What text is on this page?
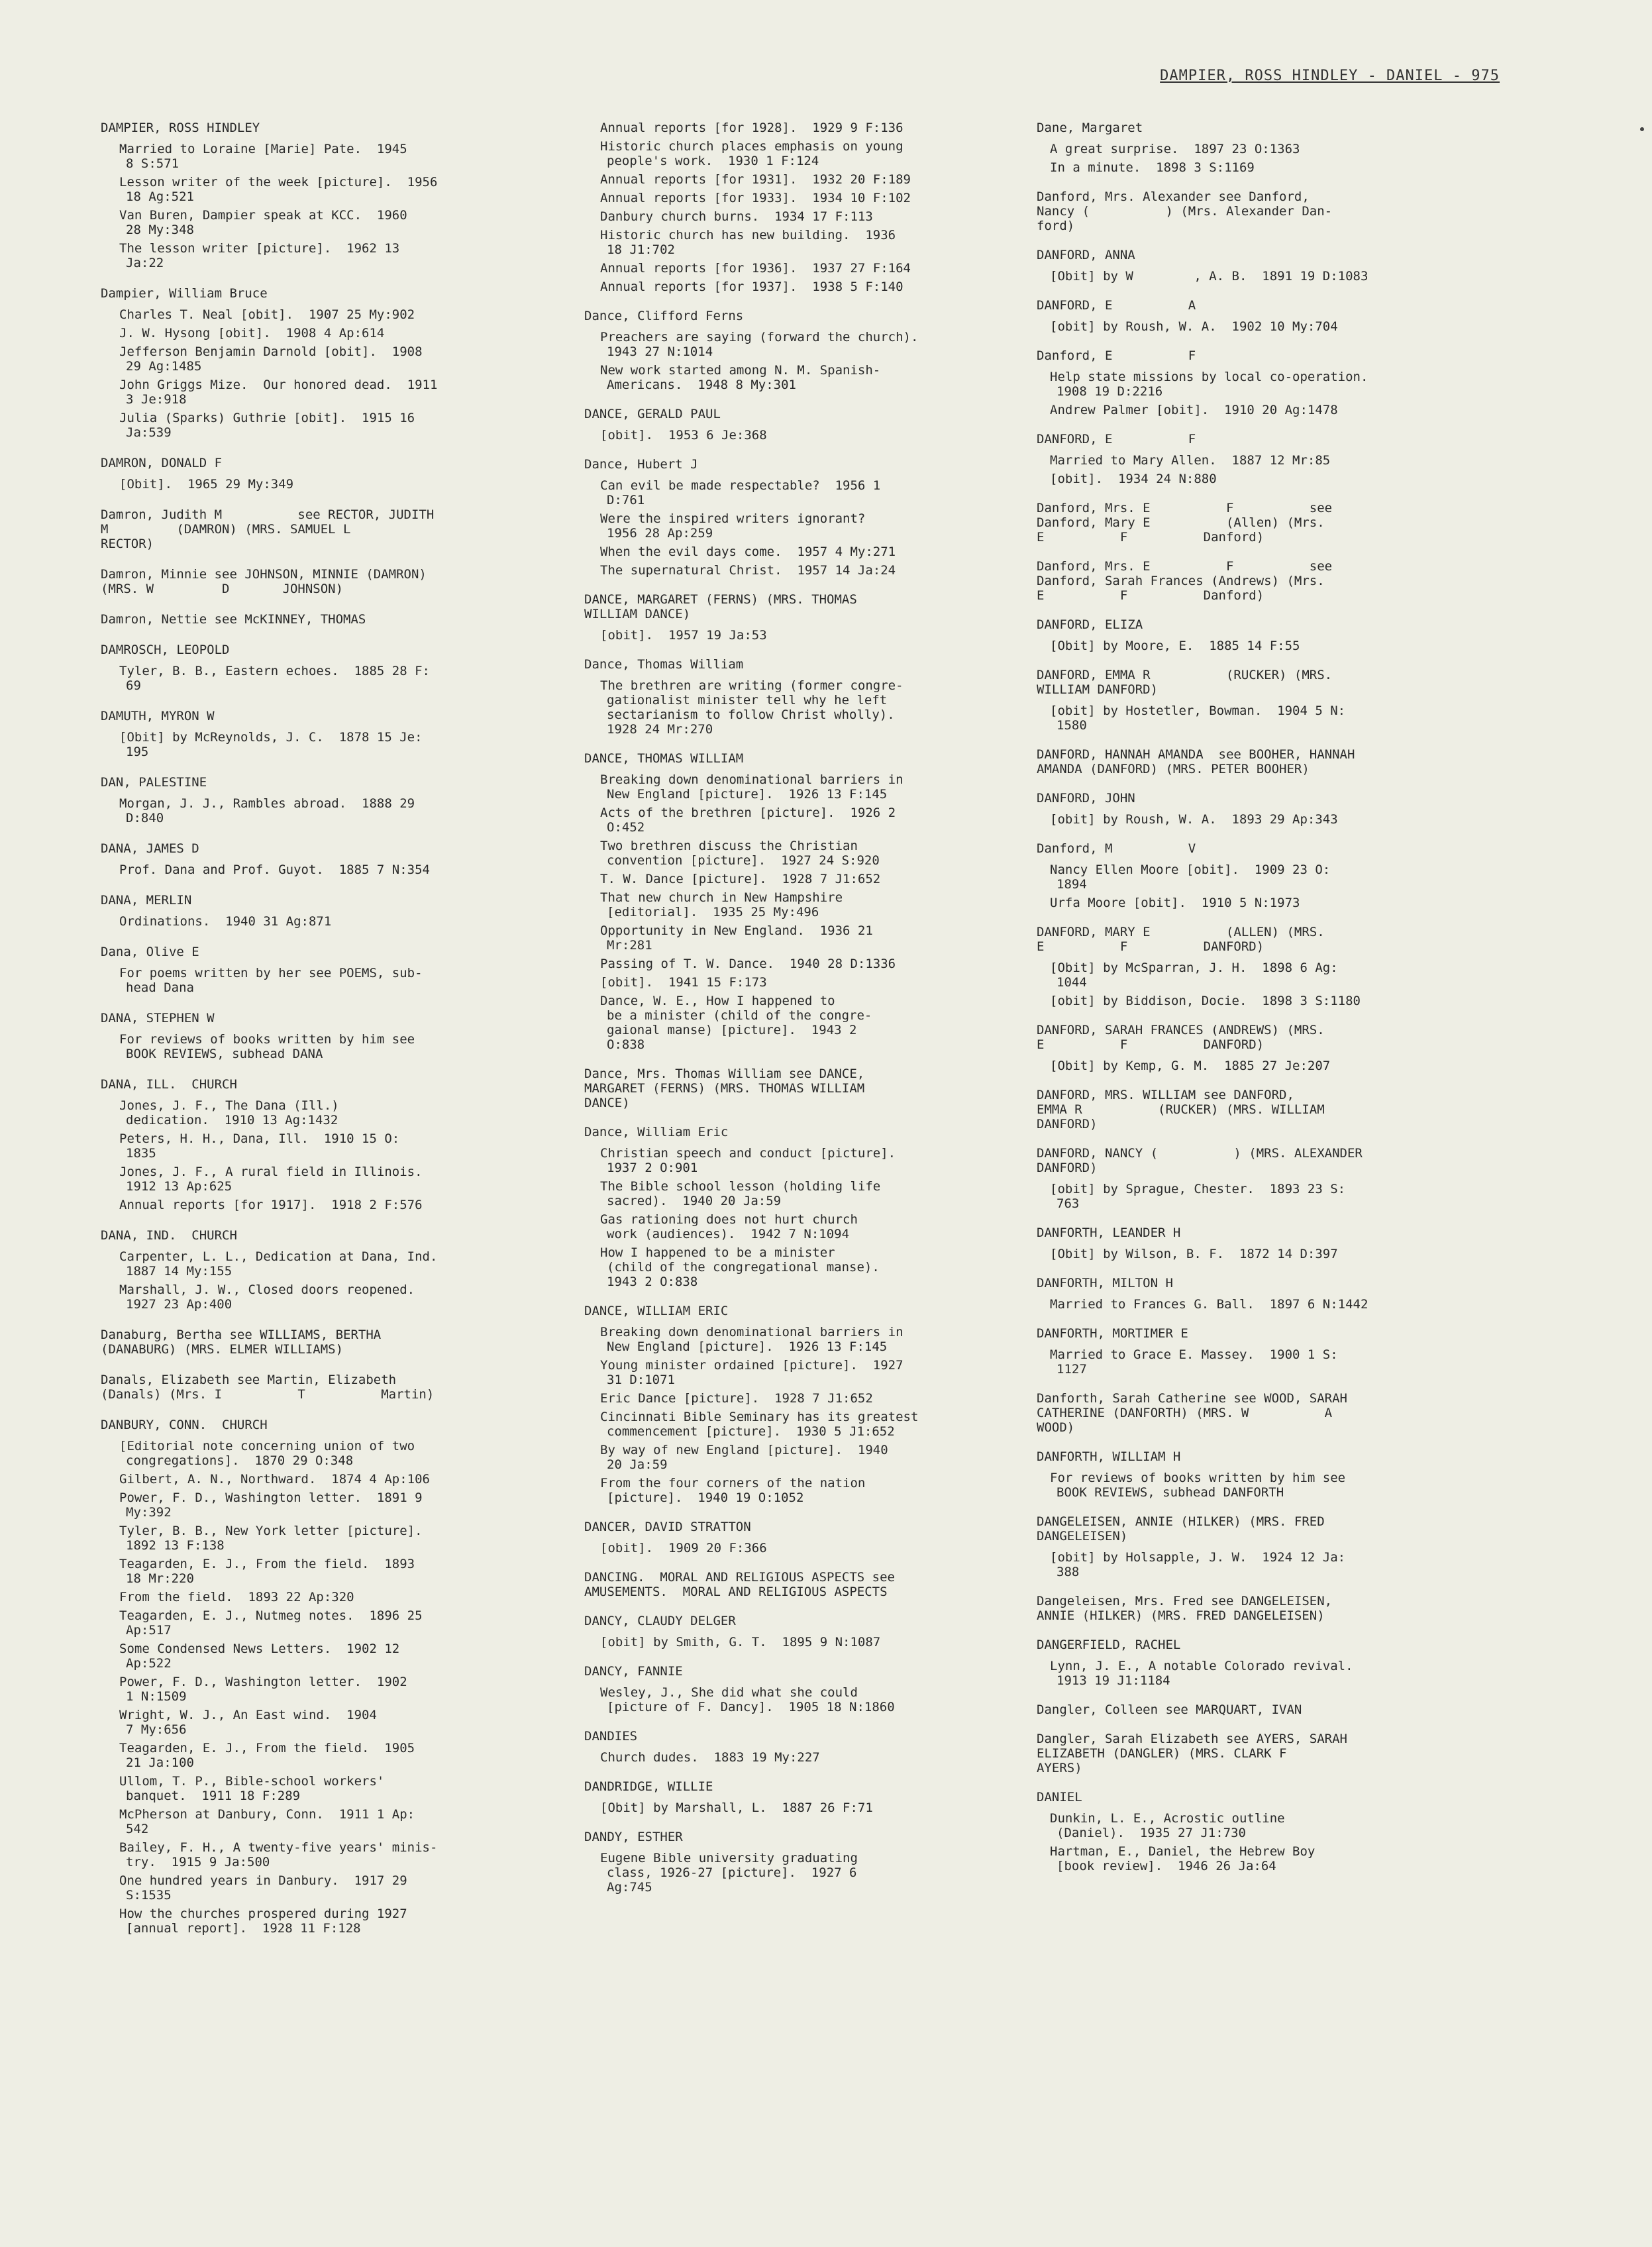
DAMPIER, ROSS HINDLEY - DANIEL - 975
DAMPIER, ROSS HINDLEY
Married to Loraine [Marie] Pate.  1945
8 S:571
Lesson writer of the week [picture].  1956
18 Ag:521
Van Buren, Dampier speak at KCC.  1960
28 My:348
The lesson writer [picture].  1962 13
Ja:22
Dampier, William Bruce
Charles T. Neal [obit].  1907 25 My:902
J. W. Hysong [obit].  1908 4 Ap:614
Jefferson Benjamin Darnold [obit].  1908
29 Ag:1485
John Griggs Mize.  Our honored dead.  1911
3 Je:918
Julia (Sparks) Guthrie [obit].  1915 16
Ja:539
DAMRON, DONALD F
[Obit].  1965 29 My:349
Damron, Judith M          see RECTOR, JUDITH
M         (DAMRON) (MRS. SAMUEL L
RECTOR)
Damron, Minnie see JOHNSON, MINNIE (DAMRON)
(MRS. W         D       JOHNSON)
Damron, Nettie see McKINNEY, THOMAS
DAMROSCH, LEOPOLD
Tyler, B. B., Eastern echoes.  1885 28 F:
69
DAMUTH, MYRON W
[Obit] by McReynolds, J. C.  1878 15 Je:
195
DAN, PALESTINE
Morgan, J. J., Rambles abroad.  1888 29
D:840
DANA, JAMES D
Prof. Dana and Prof. Guyot.  1885 7 N:354
DANA, MERLIN
Ordinations.  1940 31 Ag:871
Dana, Olive E
For poems written by her see POEMS, sub-
head Dana
DANA, STEPHEN W
For reviews of books written by him see
BOOK REVIEWS, subhead DANA
DANA, ILL.  CHURCH
Jones, J. F., The Dana (Ill.)
dedication.  1910 13 Ag:1432
Peters, H. H., Dana, Ill.  1910 15 O:
1835
Jones, J. F., A rural field in Illinois.
1912 13 Ap:625
Annual reports [for 1917].  1918 2 F:576
DANA, IND.  CHURCH
Carpenter, L. L., Dedication at Dana, Ind.
1887 14 My:155
Marshall, J. W., Closed doors reopened.
1927 23 Ap:400
Danaburg, Bertha see WILLIAMS, BERTHA
(DANABURG) (MRS. ELMER WILLIAMS)
Danals, Elizabeth see Martin, Elizabeth
(Danals) (Mrs. I          T          Martin)
DANBURY, CONN.  CHURCH
[Editorial note concerning union of two
congregations].  1870 29 O:348
Gilbert, A. N., Northward.  1874 4 Ap:106
Power, F. D., Washington letter.  1891 9
My:392
Tyler, B. B., New York letter [picture].
1892 13 F:138
Teagarden, E. J., From the field.  1893
18 Mr:220
From the field.  1893 22 Ap:320
Teagarden, E. J., Nutmeg notes.  1896 25
Ap:517
Some Condensed News Letters.  1902 12
Ap:522
Power, F. D., Washington letter.  1902
1 N:1509
Wright, W. J., An East wind.  1904
7 My:656
Teagarden, E. J., From the field.  1905
21 Ja:100
Ullom, T. P., Bible-school workers'
banquet.  1911 18 F:289
McPherson at Danbury, Conn.  1911 1 Ap:
542
Bailey, F. H., A twenty-five years' minis-
try.  1915 9 Ja:500
One hundred years in Danbury.  1917 29
S:1535
How the churches prospered during 1927
[annual report].  1928 11 F:128
Annual reports [for 1928].  1929 9 F:136
Historic church places emphasis on young
people's work.  1930 1 F:124
Annual reports [for 1931].  1932 20 F:189
Annual reports [for 1933].  1934 10 F:102
Danbury church burns.  1934 17 F:113
Historic church has new building.  1936
18 J1:702
Annual reports [for 1936].  1937 27 F:164
Annual reports [for 1937].  1938 5 F:140
Dance, Clifford Ferns
Preachers are saying (forward the church).
1943 27 N:1014
New work started among N. M. Spanish-
Americans.  1948 8 My:301
DANCE, GERALD PAUL
[obit].  1953 6 Je:368
Dance, Hubert J
Can evil be made respectable?  1956 1
D:761
Were the inspired writers ignorant?
1956 28 Ap:259
When the evil days come.  1957 4 My:271
The supernatural Christ.  1957 14 Ja:24
DANCE, MARGARET (FERNS) (MRS. THOMAS
WILLIAM DANCE)
[obit].  1957 19 Ja:53
Dance, Thomas William
The brethren are writing (former congre-
gationalist minister tell why he left
sectarianism to follow Christ wholly).
1928 24 Mr:270
DANCE, THOMAS WILLIAM
Breaking down denominational barriers in
New England [picture].  1926 13 F:145
Acts of the brethren [picture].  1926 2
O:452
Two brethren discuss the Christian
convention [picture].  1927 24 S:920
T. W. Dance [picture].  1928 7 J1:652
That new church in New Hampshire
[editorial].  1935 25 My:496
Opportunity in New England.  1936 21
Mr:281
Passing of T. W. Dance.  1940 28 D:1336
[obit].  1941 15 F:173
Dance, W. E., How I happened to
be a minister (child of the congre-
gaional manse) [picture].  1943 2
O:838
Dance, Mrs. Thomas William see DANCE,
MARGARET (FERNS) (MRS. THOMAS WILLIAM
DANCE)
Dance, William Eric
Christian speech and conduct [picture].
1937 2 O:901
The Bible school lesson (holding life
sacred).  1940 20 Ja:59
Gas rationing does not hurt church
work (audiences).  1942 7 N:1094
How I happened to be a minister
(child of the congregational manse).
1943 2 O:838
DANCE, WILLIAM ERIC
Breaking down denominational barriers in
New England [picture].  1926 13 F:145
Young minister ordained [picture].  1927
31 D:1071
Eric Dance [picture].  1928 7 J1:652
Cincinnati Bible Seminary has its greatest
commencement [picture].  1930 5 J1:652
By way of new England [picture].  1940
20 Ja:59
From the four corners of the nation
[picture].  1940 19 O:1052
DANCER, DAVID STRATTON
[obit].  1909 20 F:366
DANCING.  MORAL AND RELIGIOUS ASPECTS see
AMUSEMENTS.  MORAL AND RELIGIOUS ASPECTS
DANCY, CLAUDY DELGER
[obit] by Smith, G. T.  1895 9 N:1087
DANCY, FANNIE
Wesley, J., She did what she could
[picture of F. Dancy].  1905 18 N:1860
DANDIES
Church dudes.  1883 19 My:227
DANDRIDGE, WILLIE
[Obit] by Marshall, L.  1887 26 F:71
DANDY, ESTHER
Eugene Bible university graduating
class, 1926-27 [picture].  1927 6
Ag:745
Dane, Margaret
A great surprise.  1897 23 O:1363
In a minute.  1898 3 S:1169
Danford, Mrs. Alexander see Danford,
Nancy (          ) (Mrs. Alexander Dan-
ford)
DANFORD, ANNA
[Obit] by W        , A. B.  1891 19 D:1083
DANFORD, E          A
[obit] by Roush, W. A.  1902 10 My:704
Danford, E          F
Help state missions by local co-operation.
1908 19 D:2216
Andrew Palmer [obit].  1910 20 Ag:1478
DANFORD, E          F
Married to Mary Allen.  1887 12 Mr:85
[obit].  1934 24 N:880
Danford, Mrs. E          F          see
Danford, Mary E          (Allen) (Mrs.
E          F          Danford)
Danford, Mrs. E          F          see
Danford, Sarah Frances (Andrews) (Mrs.
E          F          Danford)
DANFORD, ELIZA
[Obit] by Moore, E.  1885 14 F:55
DANFORD, EMMA R          (RUCKER) (MRS.
WILLIAM DANFORD)
[obit] by Hostetler, Bowman.  1904 5 N:
1580
DANFORD, HANNAH AMANDA  see BOOHER, HANNAH
AMANDA (DANFORD) (MRS. PETER BOOHER)
DANFORD, JOHN
[obit] by Roush, W. A.  1893 29 Ap:343
Danford, M          V
Nancy Ellen Moore [obit].  1909 23 O:
1894
Urfa Moore [obit].  1910 5 N:1973
DANFORD, MARY E          (ALLEN) (MRS.
E          F          DANFORD)
[Obit] by McSparran, J. H.  1898 6 Ag:
1044
[obit] by Biddison, Docie.  1898 3 S:1180
DANFORD, SARAH FRANCES (ANDREWS) (MRS.
E          F          DANFORD)
[Obit] by Kemp, G. M.  1885 27 Je:207
DANFORD, MRS. WILLIAM see DANFORD,
EMMA R          (RUCKER) (MRS. WILLIAM
DANFORD)
DANFORD, NANCY (          ) (MRS. ALEXANDER
DANFORD)
[obit] by Sprague, Chester.  1893 23 S:
763
DANFORTH, LEANDER H
[Obit] by Wilson, B. F.  1872 14 D:397
DANFORTH, MILTON H
Married to Frances G. Ball.  1897 6 N:1442
DANFORTH, MORTIMER E
Married to Grace E. Massey.  1900 1 S:
1127
Danforth, Sarah Catherine see WOOD, SARAH
CATHERINE (DANFORTH) (MRS. W          A
WOOD)
DANFORTH, WILLIAM H
For reviews of books written by him see
BOOK REVIEWS, subhead DANFORTH
DANGELEISEN, ANNIE (HILKER) (MRS. FRED
DANGELEISEN)
[obit] by Holsapple, J. W.  1924 12 Ja:
388
Dangeleisen, Mrs. Fred see DANGELEISEN,
ANNIE (HILKER) (MRS. FRED DANGELEISEN)
DANGERFIELD, RACHEL
Lynn, J. E., A notable Colorado revival.
1913 19 J1:1184
Dangler, Colleen see MARQUART, IVAN
Dangler, Sarah Elizabeth see AYERS, SARAH
ELIZABETH (DANGLER) (MRS. CLARK F
AYERS)
DANIEL
Dunkin, L. E., Acrostic outline
(Daniel).  1935 27 J1:730
Hartman, E., Daniel, the Hebrew Boy
[book review].  1946 26 Ja:64
